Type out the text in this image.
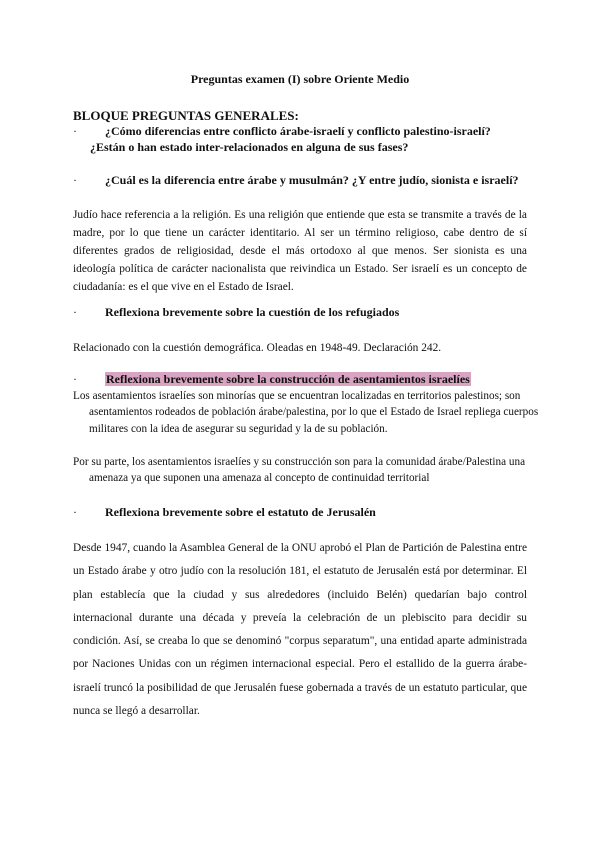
Preguntas examen (I) sobre Oriente Medio

BLOQUE PREGUNTAS GENERALES:

· ¿Cómo diferencias entre conflicto árabe-israelí y conflicto palestino-israelí?

¿Están o han estado inter-relacionados en alguna de sus fases?

· ¿Cuál es la diferencia entre árabe y musulmán? ¿Y entre judío, sionista e israelí?

Judío hace referencia a la religión. Es una religión que entiende que esta se transmite a través de la madre, por lo que tiene un carácter identitario. Al ser un término religioso, cabe dentro de sí diferentes grados de religiosidad, desde el más ortodoxo al que menos. Ser sionista es una ideología política de carácter nacionalista que reivindica un Estado. Ser israelí es un concepto de ciudadanía: es el que vive en el Estado de Israel.

· Reflexiona brevemente sobre la cuestión de los refugiados

Relacionado con la cuestión demográfica. Oleadas en 1948-49. Declaración 242.

· Reflexiona brevemente sobre la construcción de asentamientos israelíes

Los asentamientos israelíes son minorías que se encuentran localizadas en territorios palestinos; son asentamientos rodeados de población árabe/palestina, por lo que el Estado de Israel repliega cuerpos militares con la idea de asegurar su seguridad y la de su población.

Por su parte, los asentamientos israelíes y su construcción son para la comunidad árabe/Palestina una amenaza ya que suponen una amenaza al concepto de continuidad territorial

· Reflexiona brevemente sobre el estatuto de Jerusalén

Desde 1947, cuando la Asamblea General de la ONU aprobó el Plan de Partición de Palestina entre un Estado árabe y otro judío con la resolución 181, el estatuto de Jerusalén está por determinar. El plan establecía que la ciudad y sus alrededores (incluido Belén) quedarían bajo control internacional durante una década y preveía la celebración de un plebiscito para decidir su condición. Así, se creaba lo que se denominó "corpus separatum", una entidad aparte administrada por Naciones Unidas con un régimen internacional especial. Pero el estallido de la guerra árabe-israelí truncó la posibilidad de que Jerusalén fuese gobernada a través de un estatuto particular, que nunca se llegó a desarrollar.
